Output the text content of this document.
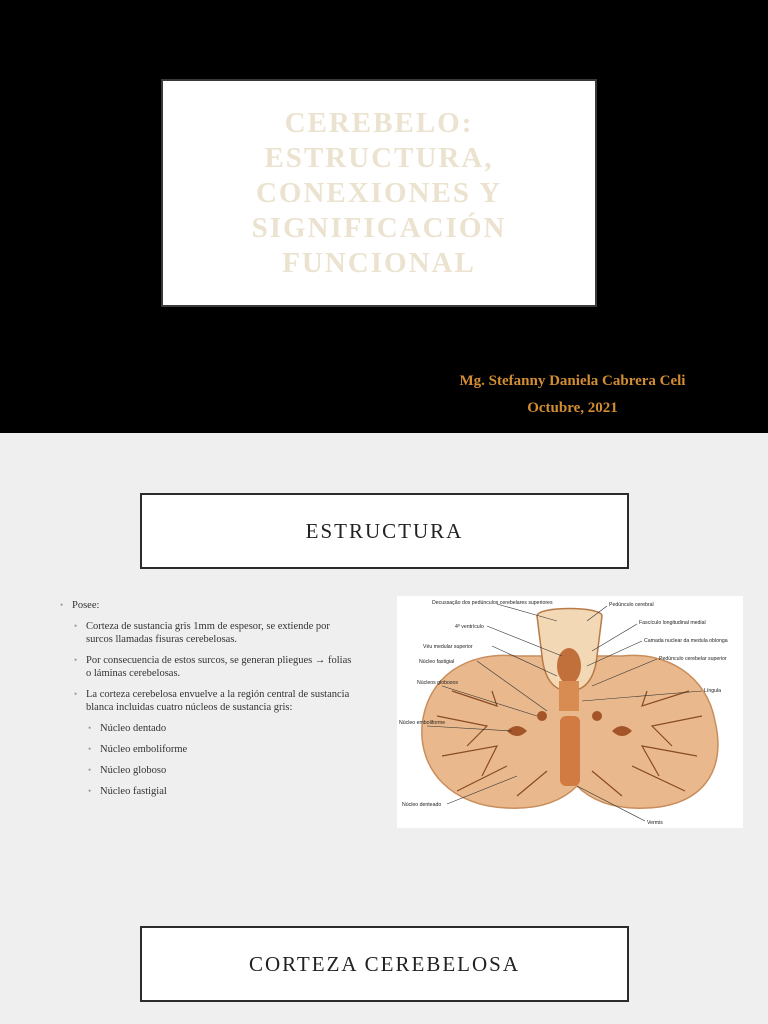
CEREBELO: ESTRUCTURA, CONEXIONES Y SIGNIFICACIÓN FUNCIONAL
Mg. Stefanny Daniela Cabrera Celi
Octubre, 2021
ESTRUCTURA
• Posee:
• Corteza de sustancia gris 1mm de espesor, se extiende por surcos llamadas fisuras cerebelosas.
• Por consecuencia de estos surcos, se generan pliegues → folias o láminas cerebelosas.
• La corteza cerebelosa envuelve a la región central de sustancia blanca incluidas cuatro núcleos de sustancia gris:
• Núcleo dentado
• Núcleo emboliforme
• Núcleo globoso
• Núcleo fastigial
Decussação dos pedúnculos cerebelares superiores	Pedúnculo cerebral
4º ventrículo
Fascículo longitudinal medial
Véu medular superior
Camada nuclear da medula oblonga
Núcleo fastigial	Pedúnculo cerebelar superior
Núcleos globosos
Língula
Núcleo emboliforme
Núcleo denteado
Vermis
CORTEZA CEREBELOSA
